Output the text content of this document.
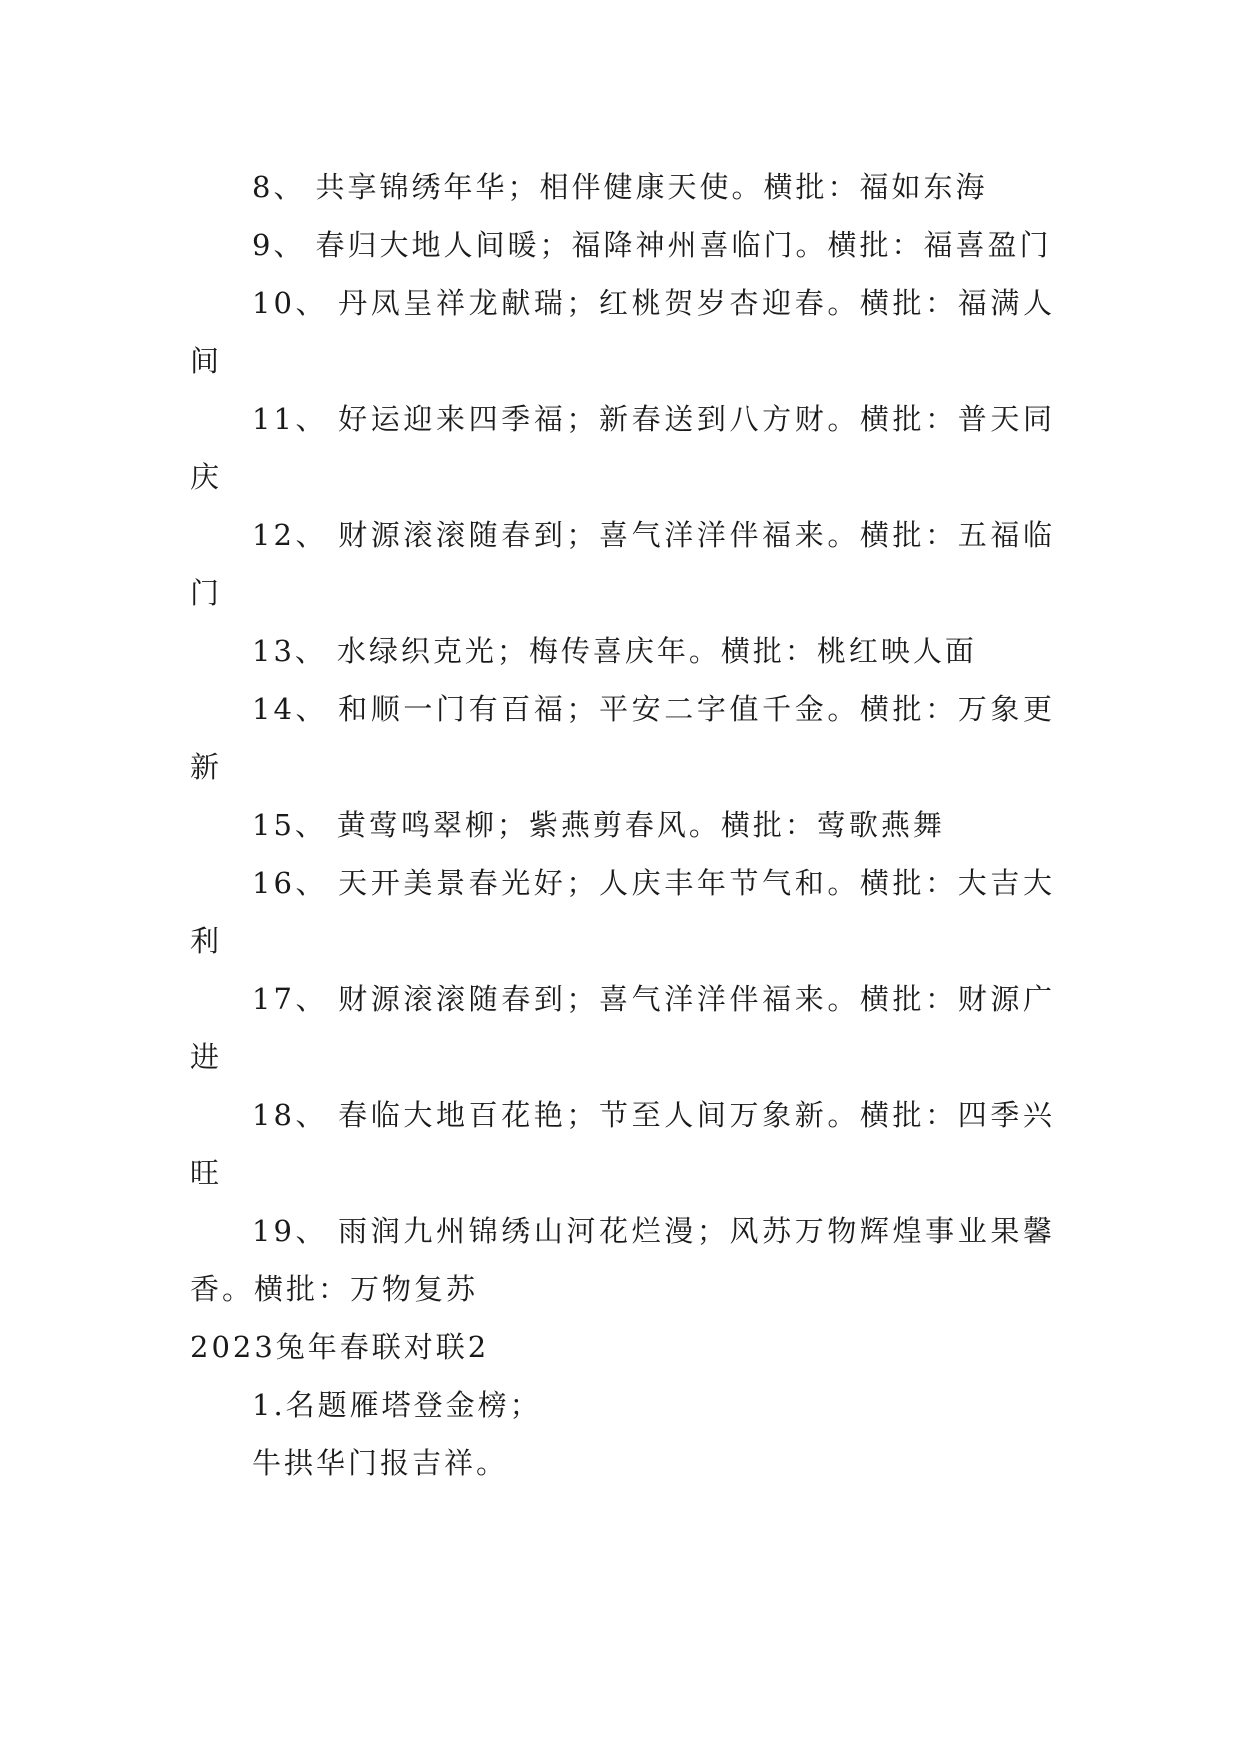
8、 共享锦绣年华；相伴健康天使。横批：福如东海

9、 春归大地人间暖；福降神州喜临门。横批：福喜盈门

10、 丹凤呈祥龙献瑞；红桃贺岁杏迎春。横批：福满人间

11、 好运迎来四季福；新春送到八方财。横批：普天同庆

12、 财源滚滚随春到；喜气洋洋伴福来。横批：五福临门

13、 水绿织克光；梅传喜庆年。横批：桃红映人面

14、 和顺一门有百福；平安二字值千金。横批：万象更新

15、 黄莺鸣翠柳；紫燕剪春风。横批：莺歌燕舞

16、 天开美景春光好；人庆丰年节气和。横批：大吉大利

17、 财源滚滚随春到；喜气洋洋伴福来。横批：财源广进

18、 春临大地百花艳；节至人间万象新。横批：四季兴旺

19、 雨润九州锦绣山河花烂漫；风苏万物辉煌事业果馨香。横批：万物复苏

2023兔年春联对联2

1.名题雁塔登金榜；

牛拱华门报吉祥。
